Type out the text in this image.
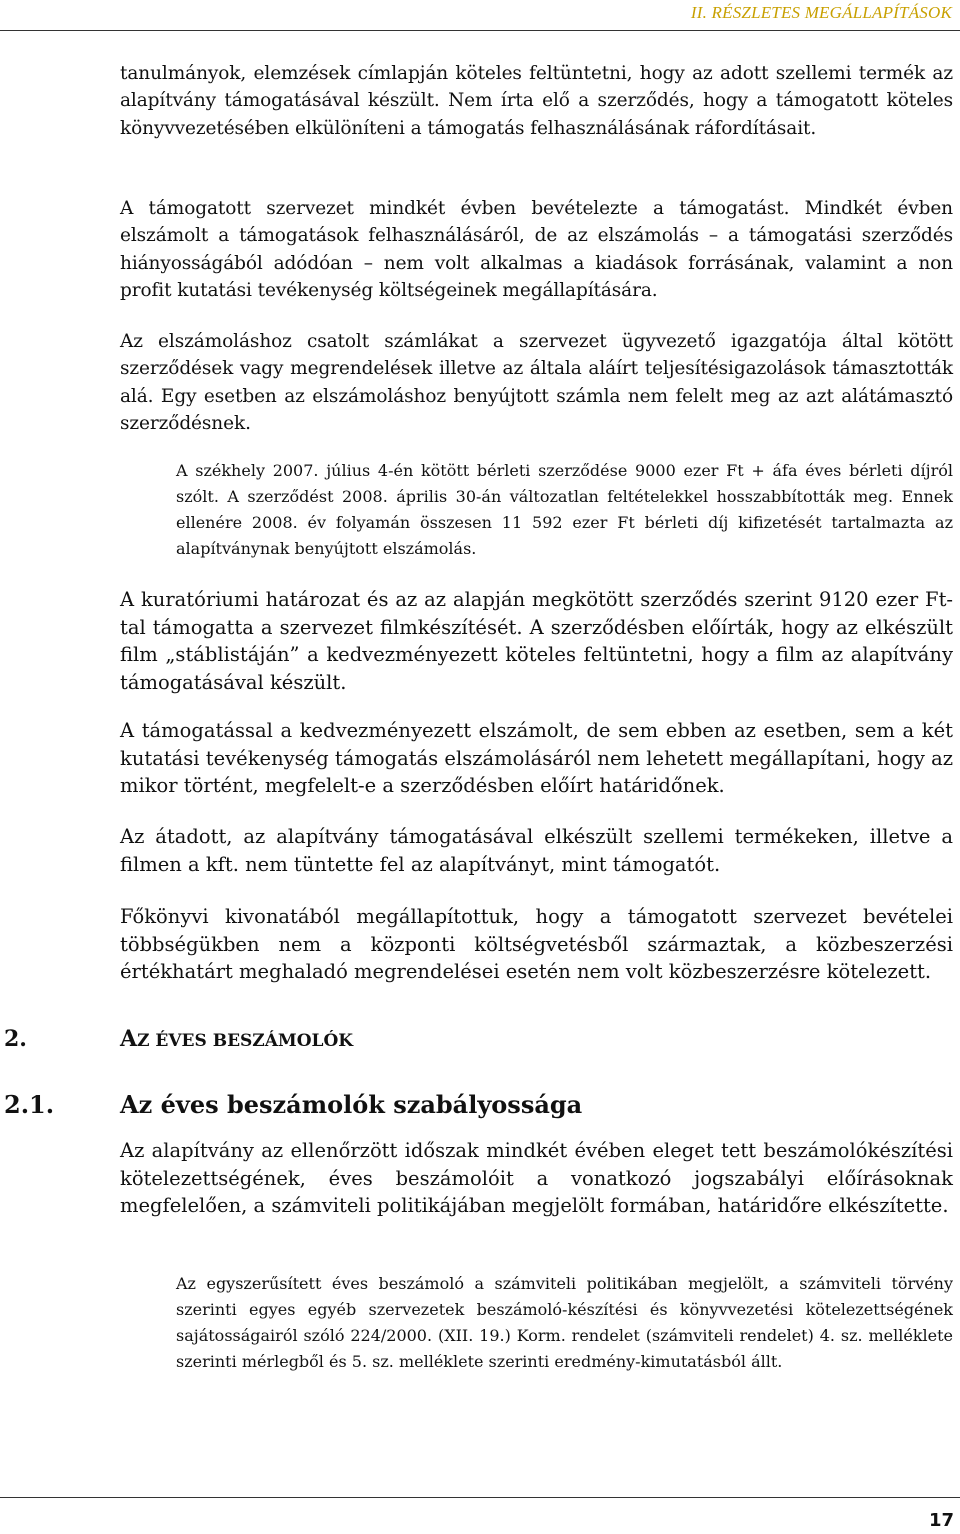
II. RÉSZLETES MEGÁLLAPÍTÁSOK

tanulmányok, elemzések címlapján köteles feltüntetni, hogy az adott szellemi termék az alapítvány támogatásával készült. Nem írta elő a szerződés, hogy a támogatott köteles könyvvezetésében elkülöníteni a támogatás felhasználásának ráfordításait.

A támogatott szervezet mindkét évben bevételezte a támogatást. Mindkét évben elszámolt a támogatások felhasználásáról, de az elszámolás – a támogatási szerződés hiányosságából adódóan – nem volt alkalmas a kiadások forrásának, valamint a non profit kutatási tevékenység költségeinek megállapítására.

Az elszámoláshoz csatolt számlákat a szervezet ügyvezető igazgatója által kötött szerződések vagy megrendelések illetve az általa aláírt teljesítésigazolások támasztották alá. Egy esetben az elszámoláshoz benyújtott számla nem felelt meg az azt alátámasztó szerződésnek.

A székhely 2007. július 4-én kötött bérleti szerződése 9000 ezer Ft + áfa éves bérleti díjról szólt. A szerződést 2008. április 30-án változatlan feltételekkel hosszabbították meg. Ennek ellenére 2008. év folyamán összesen 11 592 ezer Ft bérleti díj kifizetését tartalmazta az alapítványnak benyújtott elszámolás.

A kuratóriumi határozat és az az alapján megkötött szerződés szerint 9120 ezer Ft-tal támogatta a szervezet filmkészítését. A szerződésben előírták, hogy az elkészült film „stáblistáján” a kedvezményezett köteles feltüntetni, hogy a film az alapítvány támogatásával készült.

A támogatással a kedvezményezett elszámolt, de sem ebben az esetben, sem a két kutatási tevékenység támogatás elszámolásáról nem lehetett megállapítani, hogy az mikor történt, megfelelt-e a szerződésben előírt határidőnek.

Az átadott, az alapítvány támogatásával elkészült szellemi termékeken, illetve a filmen a kft. nem tüntette fel az alapítványt, mint támogatót.

Főkönyvi kivonatából megállapítottuk, hogy a támogatott szervezet bevételei többségükben nem a központi költségvetésből származtak, a közbeszerzési értékhatárt meghaladó megrendelései esetén nem volt közbeszerzésre kötelezett.

2.	AZ ÉVES BESZÁMOLÓK
2.1.	Az éves beszámolók szabályossága

Az alapítvány az ellenőrzött időszak mindkét évében eleget tett beszámolókészítési kötelezettségének, éves beszámolóit a vonatkozó jogszabályi előírásoknak megfelelően, a számviteli politikájában megjelölt formában, határidőre elkészítette.

Az egyszerűsített éves beszámoló a számviteli politikában megjelölt, a számviteli törvény szerinti egyes egyéb szervezetek beszámoló-készítési és könyvvezetési kötelezettségének sajátosságairól szóló 224/2000. (XII. 19.) Korm. rendelet (számviteli rendelet) 4. sz. melléklete szerinti mérlegből és 5. sz. melléklete szerinti eredmény-kimutatásból állt.

17
